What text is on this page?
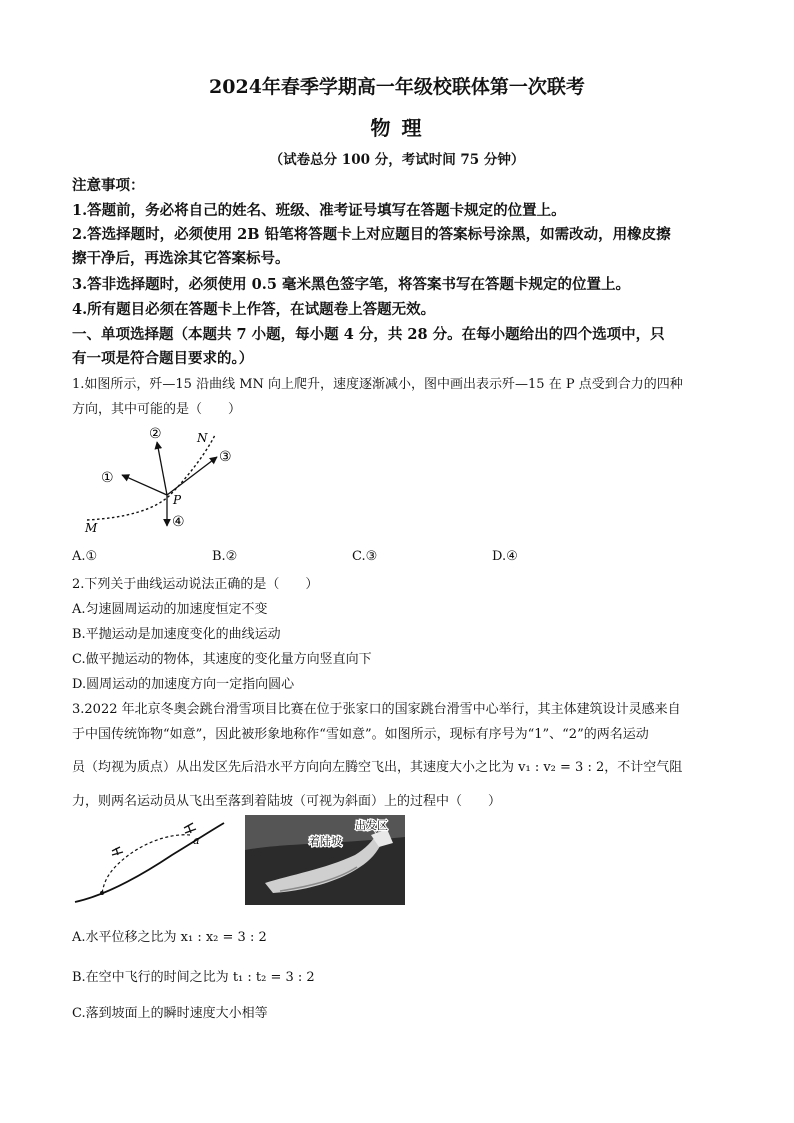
2024年春季学期高一年级校联体第一次联考
物 理
（试卷总分 100 分，考试时间 75 分钟）
注意事项：
1.答题前，务必将自己的姓名、班级、准考证号填写在答题卡规定的位置上。
2.答选择题时，必须使用 2B 铅笔将答题卡上对应题目的答案标号涂黑，如需改动，用橡皮擦
擦干净后，再选涂其它答案标号。
3.答非选择题时，必须使用 0.5 毫米黑色签字笔，将答案书写在答题卡规定的位置上。
4.所有题目必须在答题卡上作答，在试题卷上答题无效。
一、单项选择题（本题共 7 小题，每小题 4 分，共 28 分。在每小题给出的四个选项中，只
有一项是符合题目要求的。）
1.如图所示，歼—15 沿曲线 MN 向上爬升，速度逐渐减小，图中画出表示歼—15 在 P 点受到合力的四种
方向，其中可能的是（　　）
①
②
③
④
M
N
P
A.①	B.②	C.③	D.④
2.下列关于曲线运动说法正确的是（　　）
A.匀速圆周运动的加速度恒定不变
B.平抛运动是加速度变化的曲线运动
C.做平抛运动的物体，其速度的变化量方向竖直向下
D.圆周运动的加速度方向一定指向圆心
3.2022 年北京冬奥会跳台滑雪项目比赛在位于张家口的国家跳台滑雪中心举行，其主体建筑设计灵感来自
于中国传统饰物“如意”，因此被形象地称作“雪如意”。如图所示，现标有序号为“1”、“2”的两名运动
员（均视为质点）从出发区先后沿水平方向向左腾空飞出，其速度大小之比为 v₁ : v₂ = 3 : 2，不计空气阻
力，则两名运动员从飞出至落到着陆坡（可视为斜面）上的过程中（　　）
a
出发区
着陆坡
A.水平位移之比为 x₁ : x₂ = 3 : 2
B.在空中飞行的时间之比为 t₁ : t₂ = 3 : 2
C.落到坡面上的瞬时速度大小相等
